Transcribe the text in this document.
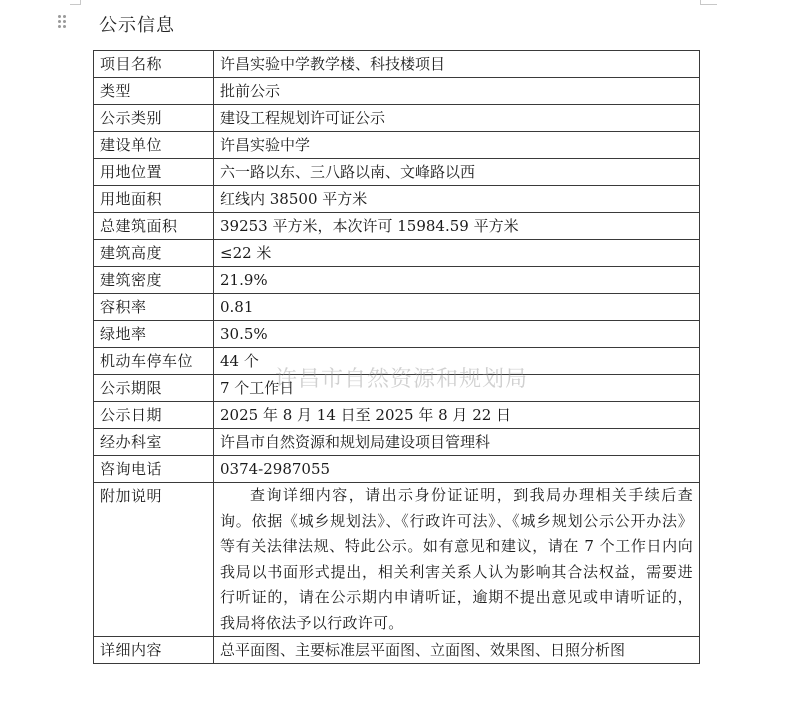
公示信息
项目名称	许昌实验中学教学楼、科技楼项目
类型	批前公示
公示类别	建设工程规划许可证公示
建设单位	许昌实验中学
用地位置	六一路以东、三八路以南、文峰路以西
用地面积	红线内 38500 平方米
总建筑面积	39253 平方米，本次许可 15984.59 平方米
建筑高度	≤22 米
建筑密度	21.9%
容积率	0.81
绿地率	30.5%
机动车停车位	44 个
公示期限	7 个工作日
公示日期	2025 年 8 月 14 日至 2025 年 8 月 22 日
经办科室	许昌市自然资源和规划局建设项目管理科
咨询电话	0374-2987055
附加说明	查询详细内容，请出示身份证证明，到我局办理相关手续后查询。依据《城乡规划法》、《行政许可法》、《城乡规划公示公开办法》等有关法律法规、特此公示。如有意见和建议，请在 7 个工作日内向我局以书面形式提出，相关利害关系人认为影响其合法权益，需要进行听证的，请在公示期内申请听证，逾期不提出意见或申请听证的，我局将依法予以行政许可。

详细内容	总平面图、主要标准层平面图、立面图、效果图、日照分析图
许昌市自然资源和规划局
